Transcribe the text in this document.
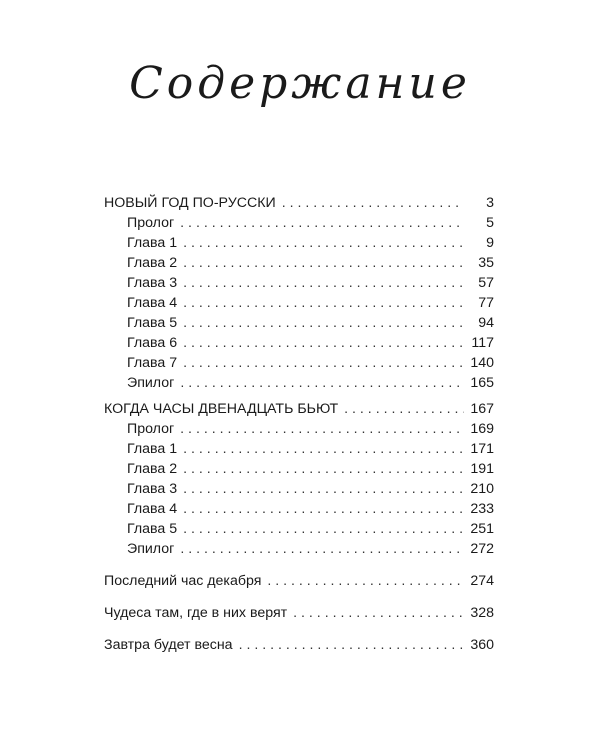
Содержание
НОВЫЙ ГОД ПО-РУССКИ . . .	3
Пролог . . .	5
Глава 1 . . .	9
Глава 2 . . .	35
Глава 3 . . .	57
Глава 4 . . .	77
Глава 5 . . .	94
Глава 6 . . .	117
Глава 7 . . .	140
Эпилог . . .	165
КОГДА ЧАСЫ ДВЕНАДЦАТЬ БЬЮТ . . .	167
Пролог . . .	169
Глава 1 . . .	171
Глава 2 . . .	191
Глава 3 . . .	210
Глава 4 . . .	233
Глава 5 . . .	251
Эпилог . . .	272
Последний час декабря . . .	274
Чудеса там, где в них верят . . .	328
Завтра будет весна . . .	360
